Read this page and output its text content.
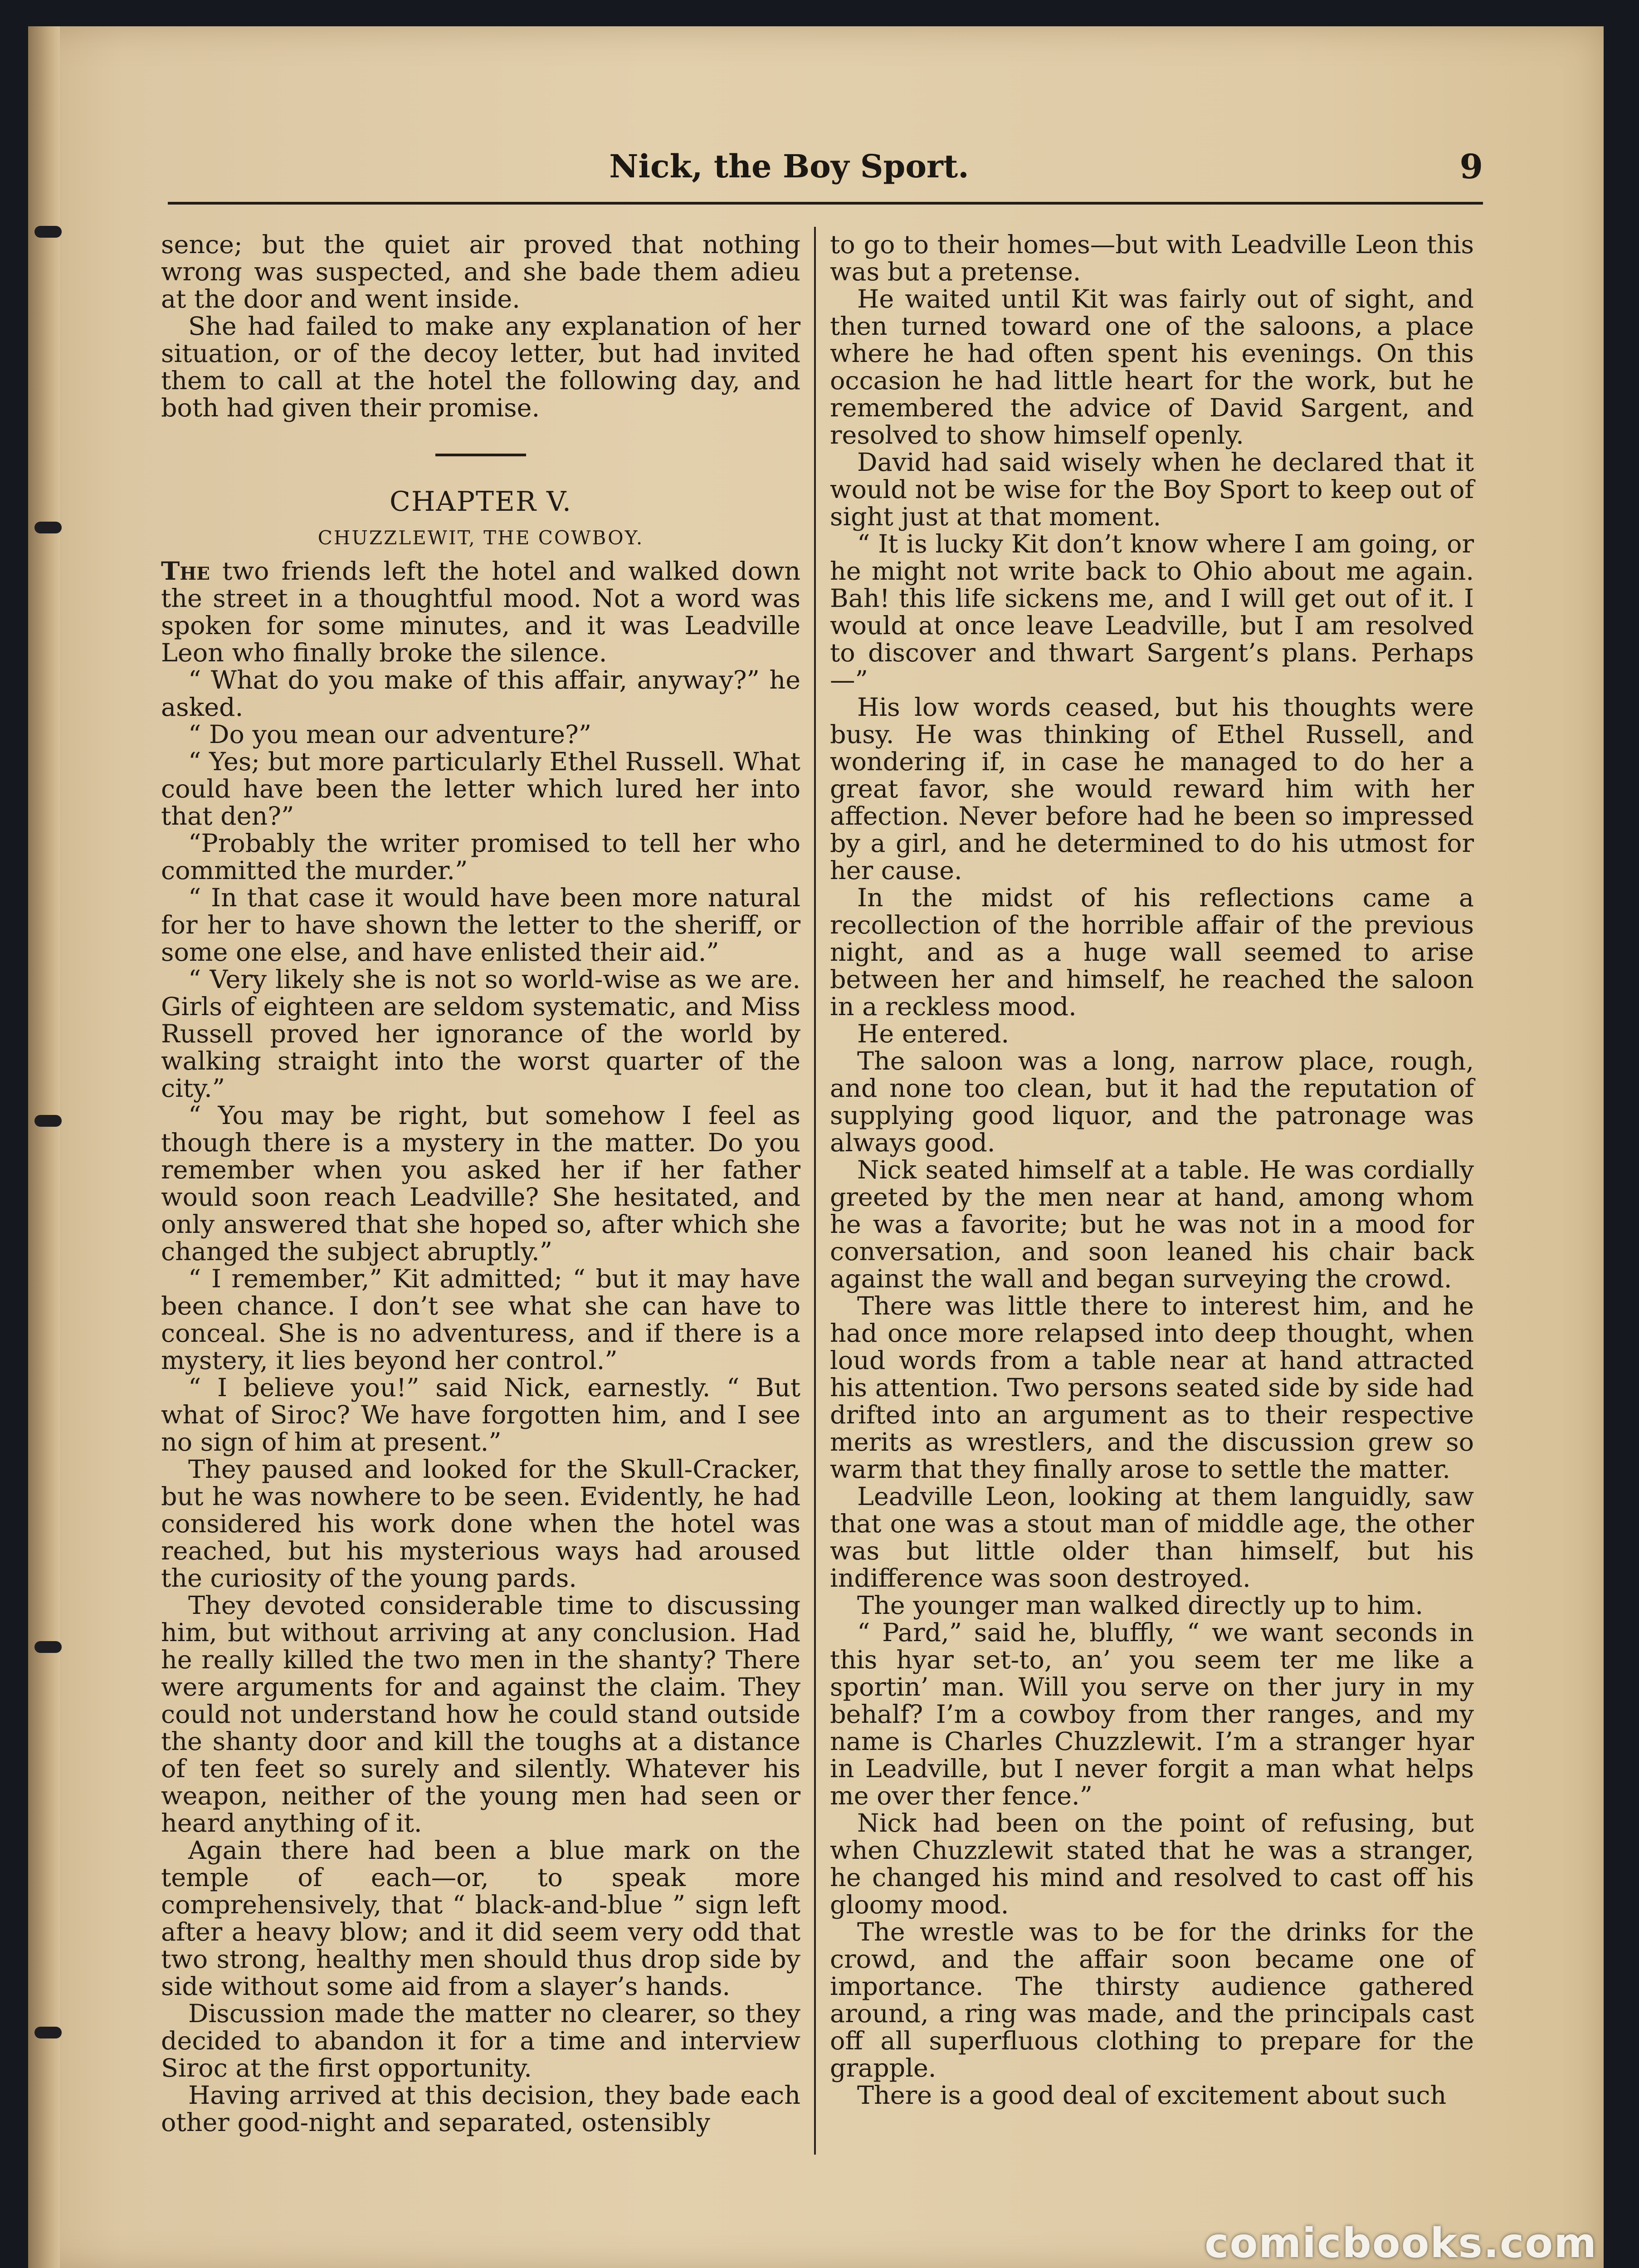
Nick, the Boy Sport.	9

sence; but the quiet air proved that nothing wrong was suspected, and she bade them adieu at the door and went inside.

She had failed to make any explanation of her situation, or of the decoy letter, but had invited them to call at the hotel the following day, and both had given their promise.

CHAPTER V.
CHUZZLEWIT, THE COWBOY.

The two friends left the hotel and walked down the street in a thoughtful mood. Not a word was spoken for some minutes, and it was Leadville Leon who finally broke the silence.

“ What do you make of this affair, anyway?” he asked.

“ Do you mean our adventure?”

“ Yes; but more particularly Ethel Russell. What could have been the letter which lured her into that den?”

“Probably the writer promised to tell her who committed the murder.”

“ In that case it would have been more natural for her to have shown the letter to the sheriff, or some one else, and have enlisted their aid.”

“ Very likely she is not so world-wise as we are. Girls of eighteen are seldom systematic, and Miss Russell proved her ignorance of the world by walking straight into the worst quarter of the city.”

“ You may be right, but somehow I feel as though there is a mystery in the matter. Do you remember when you asked her if her father would soon reach Leadville? She hesitated, and only answered that she hoped so, after which she changed the subject abruptly.”

“ I remember,” Kit admitted; “ but it may have been chance. I don’t see what she can have to conceal. She is no adventuress, and if there is a mystery, it lies beyond her control.”

“ I believe you!” said Nick, earnestly. “ But what of Siroc? We have forgotten him, and I see no sign of him at present.”

They paused and looked for the Skull-Cracker, but he was nowhere to be seen. Evidently, he had considered his work done when the hotel was reached, but his mysterious ways had aroused the curiosity of the young pards.

They devoted considerable time to discussing him, but without arriving at any conclusion. Had he really killed the two men in the shanty? There were arguments for and against the claim. They could not understand how he could stand outside the shanty door and kill the toughs at a distance of ten feet so surely and silently. Whatever his weapon, neither of the young men had seen or heard anything of it.

Again there had been a blue mark on the temple of each—or, to speak more comprehensively, that “ black-and-blue ” sign left after a heavy blow; and it did seem very odd that two strong, healthy men should thus drop side by side without some aid from a slayer’s hands.

Discussion made the matter no clearer, so they decided to abandon it for a time and interview Siroc at the first opportunity.

Having arrived at this decision, they bade each other good-night and separated, ostensibly

to go to their homes—but with Leadville Leon this was but a pretense.

He waited until Kit was fairly out of sight, and then turned toward one of the saloons, a place where he had often spent his evenings. On this occasion he had little heart for the work, but he remembered the advice of David Sargent, and resolved to show himself openly.

David had said wisely when he declared that it would not be wise for the Boy Sport to keep out of sight just at that moment.

“ It is lucky Kit don’t know where I am going, or he might not write back to Ohio about me again. Bah! this life sickens me, and I will get out of it. I would at once leave Leadville, but I am resolved to discover and thwart Sargent’s plans. Perhaps—”

His low words ceased, but his thoughts were busy. He was thinking of Ethel Russell, and wondering if, in case he managed to do her a great favor, she would reward him with her affection. Never before had he been so impressed by a girl, and he determined to do his utmost for her cause.

In the midst of his reflections came a recollection of the horrible affair of the previous night, and as a huge wall seemed to arise between her and himself, he reached the saloon in a reckless mood.

He entered.

The saloon was a long, narrow place, rough, and none too clean, but it had the reputation of supplying good liquor, and the patronage was always good.

Nick seated himself at a table. He was cordially greeted by the men near at hand, among whom he was a favorite; but he was not in a mood for conversation, and soon leaned his chair back against the wall and began surveying the crowd.

There was little there to interest him, and he had once more relapsed into deep thought, when loud words from a table near at hand attracted his attention. Two persons seated side by side had drifted into an argument as to their respective merits as wrestlers, and the discussion grew so warm that they finally arose to settle the matter.

Leadville Leon, looking at them languidly, saw that one was a stout man of middle age, the other was but little older than himself, but his indifference was soon destroyed.

The younger man walked directly up to him.

“ Pard,” said he, bluffly, “ we want seconds in this hyar set-to, an’ you seem ter me like a sportin’ man. Will you serve on ther jury in my behalf? I’m a cowboy from ther ranges, and my name is Charles Chuzzlewit. I’m a stranger hyar in Leadville, but I never forgit a man what helps me over ther fence.”

Nick had been on the point of refusing, but when Chuzzlewit stated that he was a stranger, he changed his mind and resolved to cast off his gloomy mood.

The wrestle was to be for the drinks for the crowd, and the affair soon became one of importance. The thirsty audience gathered around, a ring was made, and the principals cast off all superfluous clothing to prepare for the grapple.

There is a good deal of excitement about such

comicbooks.com
